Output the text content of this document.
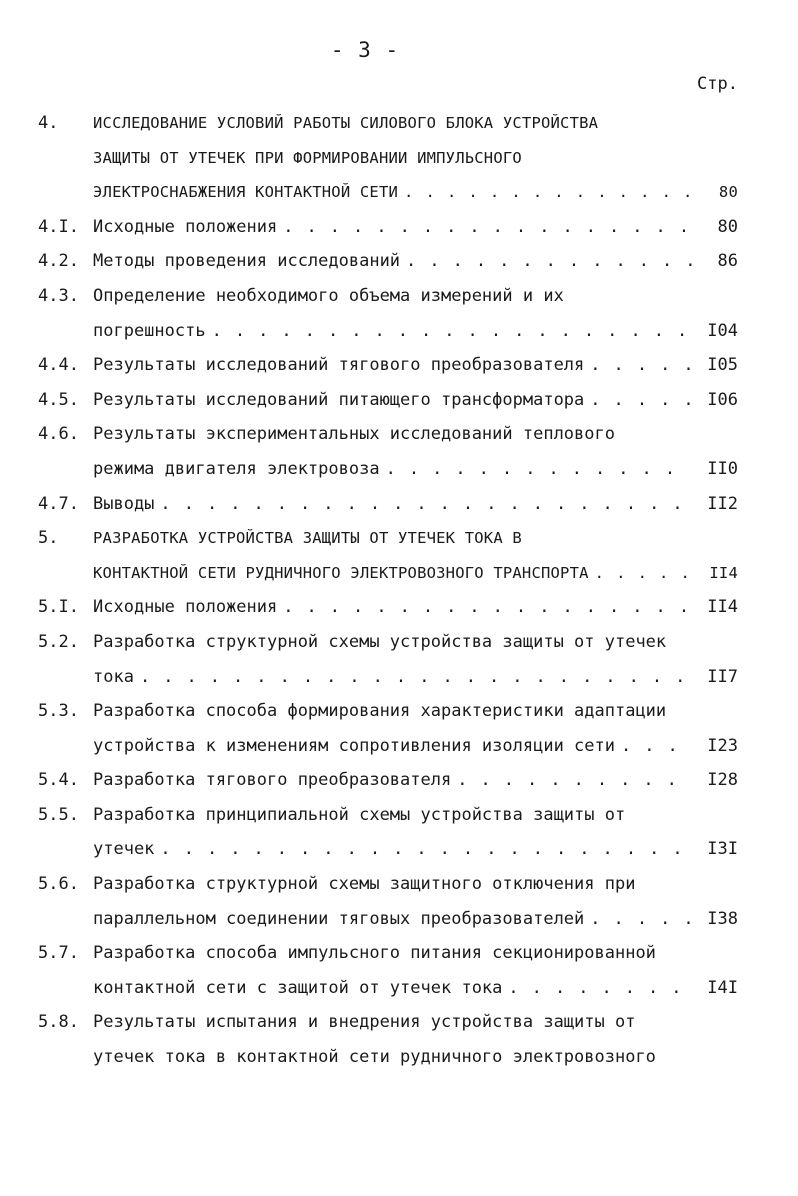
- 3 -
Стр.
4.	ИССЛЕДОВАНИЕ УСЛОВИЙ РАБОТЫ СИЛОВОГО БЛОКА УСТРОЙСТВА
ЗАЩИТЫ ОТ УТЕЧЕК ПРИ ФОРМИРОВАНИИ ИМПУЛЬСНОГО
ЭЛЕКТРОСНАБЖЕНИЯ КОНТАКТНОЙ СЕТИ . . .	80
4.I. Исходные положения . . .	80
4.2. Методы проведения исследований . . .	86
4.3. Определение необходимого объема измерений и их
погрешность . . .	I04
4.4. Результаты исследований тягового преобразователя . . .	I05
4.5. Результаты исследований питающего трансформатора . . .	I06
4.6. Результаты экспериментальных исследований теплового
режима двигателя электровоза . . .	II0
4.7. Выводы . . .	II2
5.	РАЗРАБОТКА УСТРОЙСТВА ЗАЩИТЫ ОТ УТЕЧЕК ТОКА В
КОНТАКТНОЙ СЕТИ РУДНИЧНОГО ЭЛЕКТРОВОЗНОГО ТРАНСПОРТА . . .	II4
5.I. Исходные положения . . .	II4
5.2. Разработка структурной схемы устройства защиты от утечек
тока . . .	II7
5.3. Разработка способа формирования характеристики адаптации
устройства к изменениям сопротивления изоляции сети . . .	I23
5.4. Разработка тягового преобразователя . . .	I28
5.5. Разработка принципиальной схемы устройства защиты от
утечек . . .	I3I
5.6. Разработка структурной схемы защитного отключения при
параллельном соединении тяговых преобразователей . . .	I38
5.7. Разработка способа импульсного питания секционированной
контактной сети с защитой от утечек тока . . .	I4I
5.8. Результаты испытания и внедрения устройства защиты от
утечек тока в контактной сети рудничного электровозного
